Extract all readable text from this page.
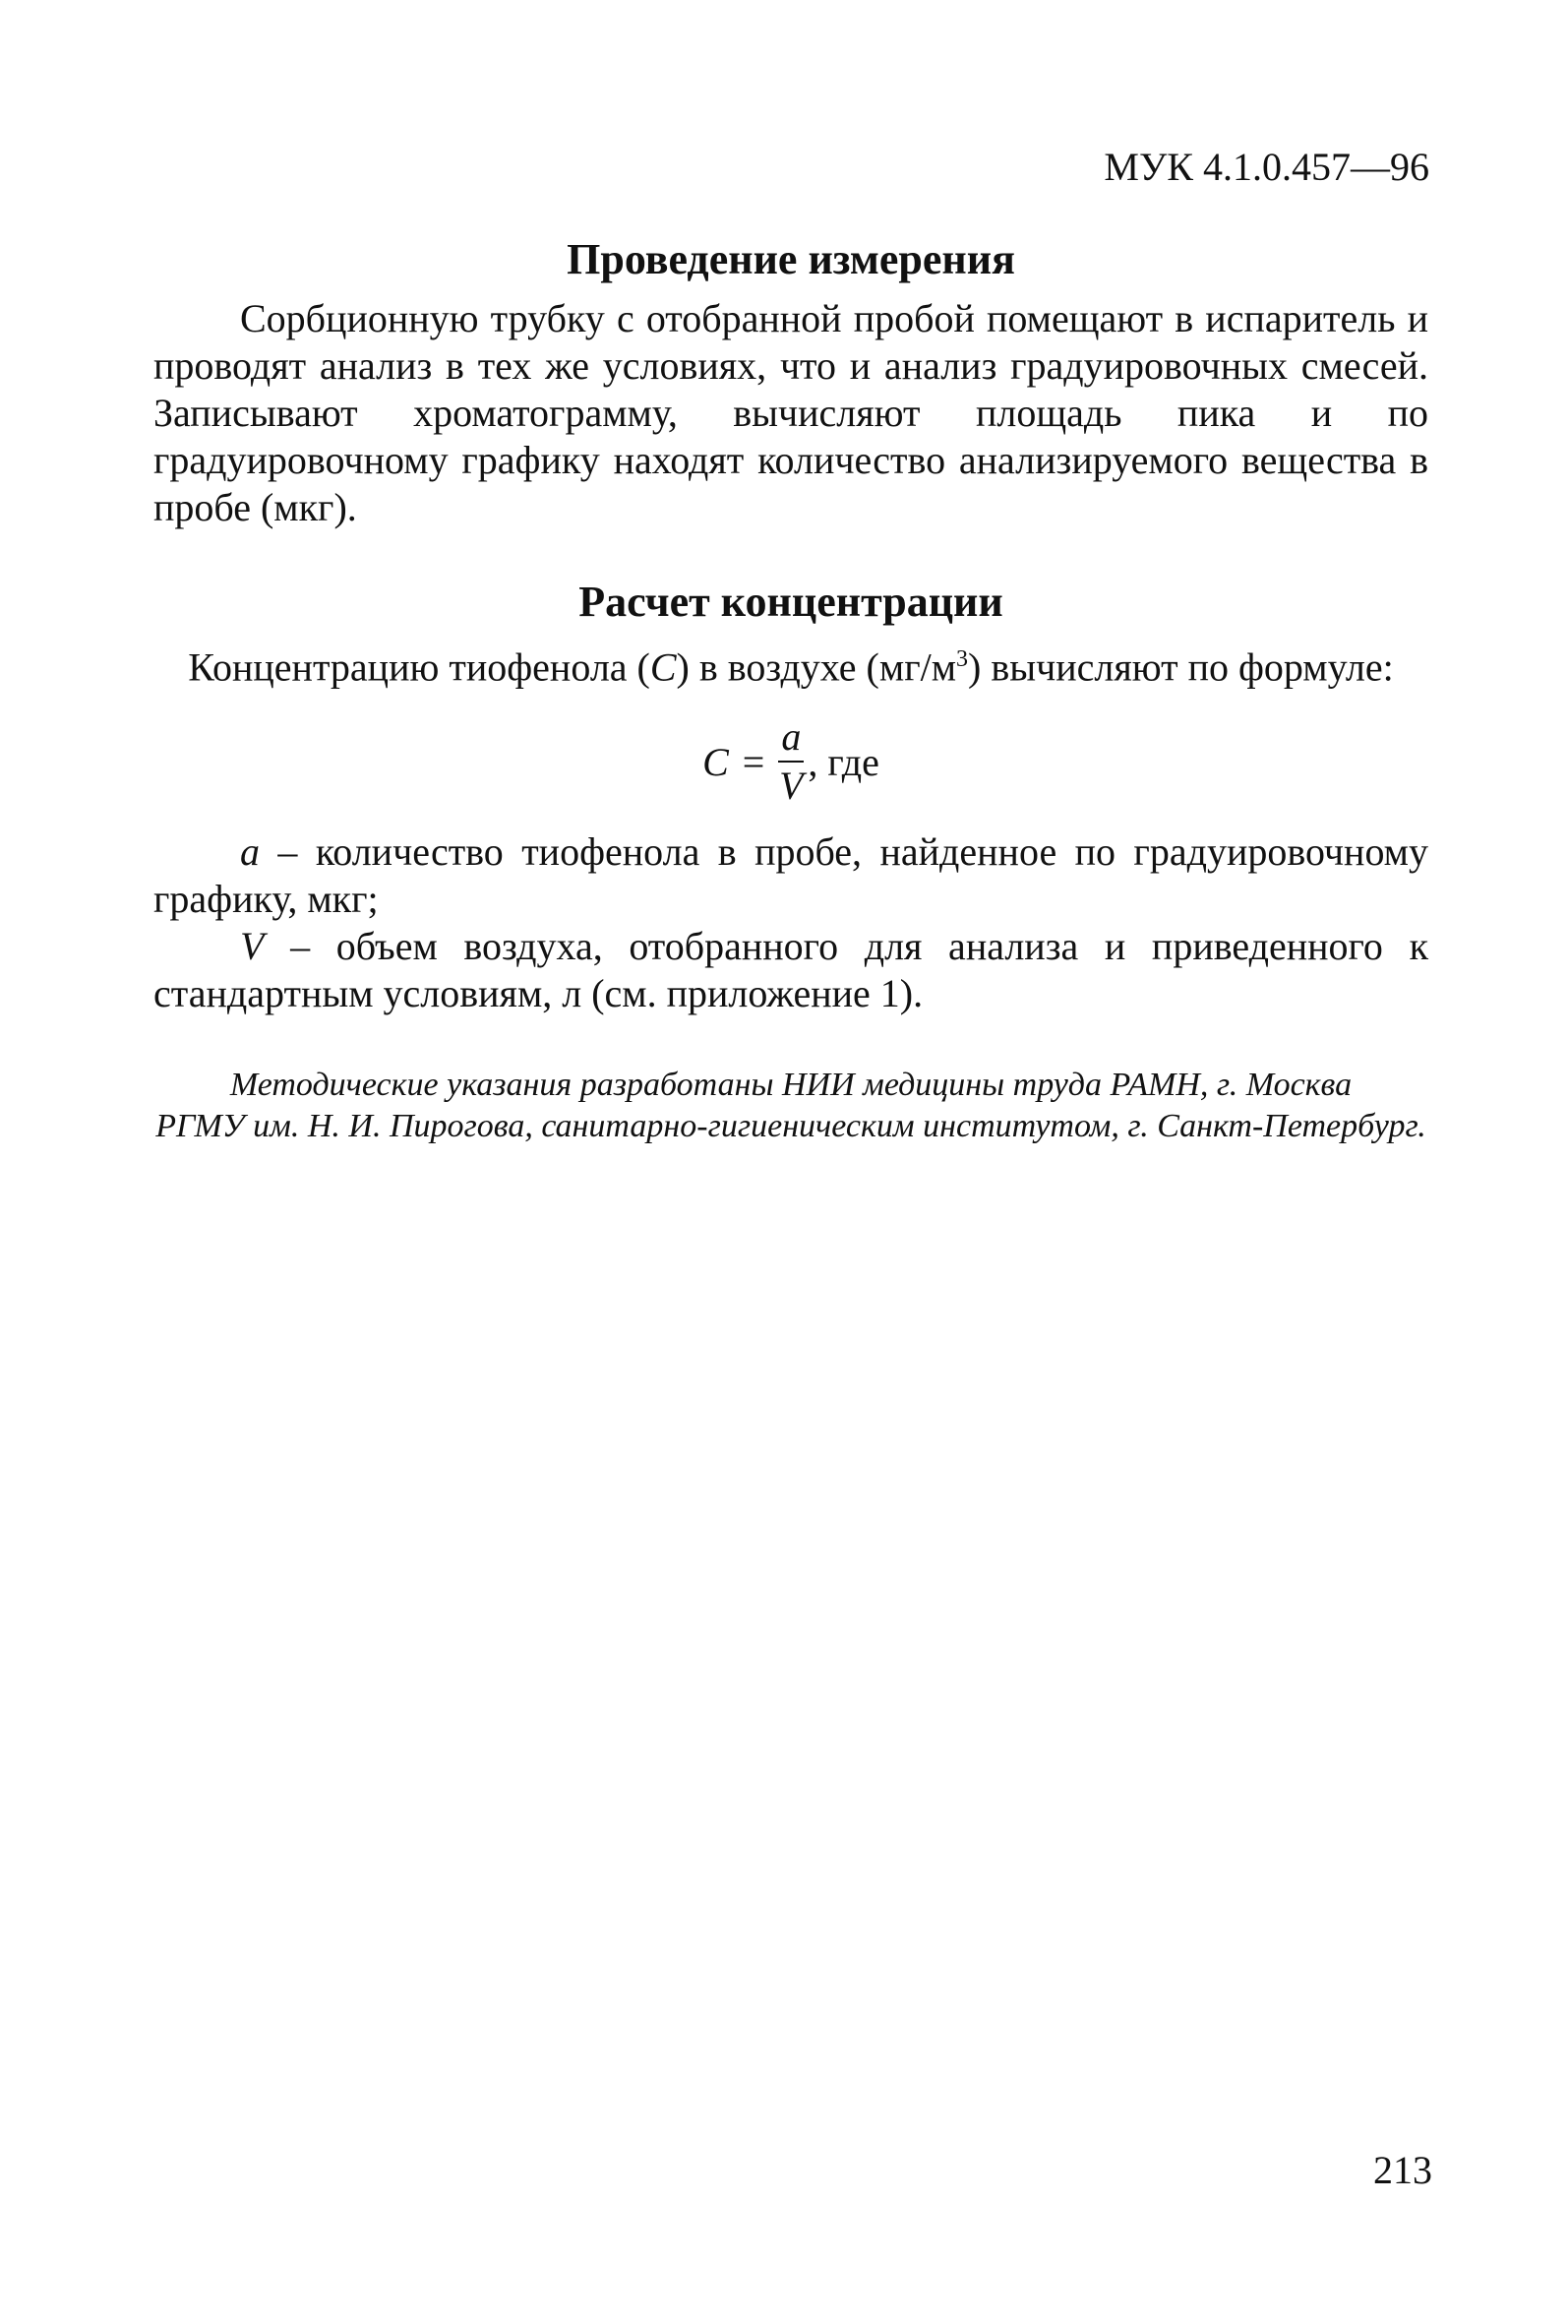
МУК 4.1.0.457—96
Проведение измерения

Сорбционную трубку с отобранной пробой помещают в испаритель и проводят анализ в тех же условиях, что и анализ градуировочных смесей. Записывают хроматограмму, вычисляют площадь пика и по градуировочному графику находят количество анализируемого вещества в пробе (мкг).

Расчет концентрации

Концентрацию тиофенола (С) в воздухе $(мг/м^3)$ вычисляют по формуле:

$С = \frac{a}{V}$ , где

а – количество тиофенола в пробе, найденное по градуировочному графику, мкг;

V – объем воздуха, отобранного для анализа и приведенного к стандартным условиям, л (см. приложение 1).

Методические указания разработаны НИИ медицины труда РАМН, г. Москва
РГМУ им. Н. И. Пирогова, санитарно-гигиеническим институтом, г. Санкт-Петербург.
213
